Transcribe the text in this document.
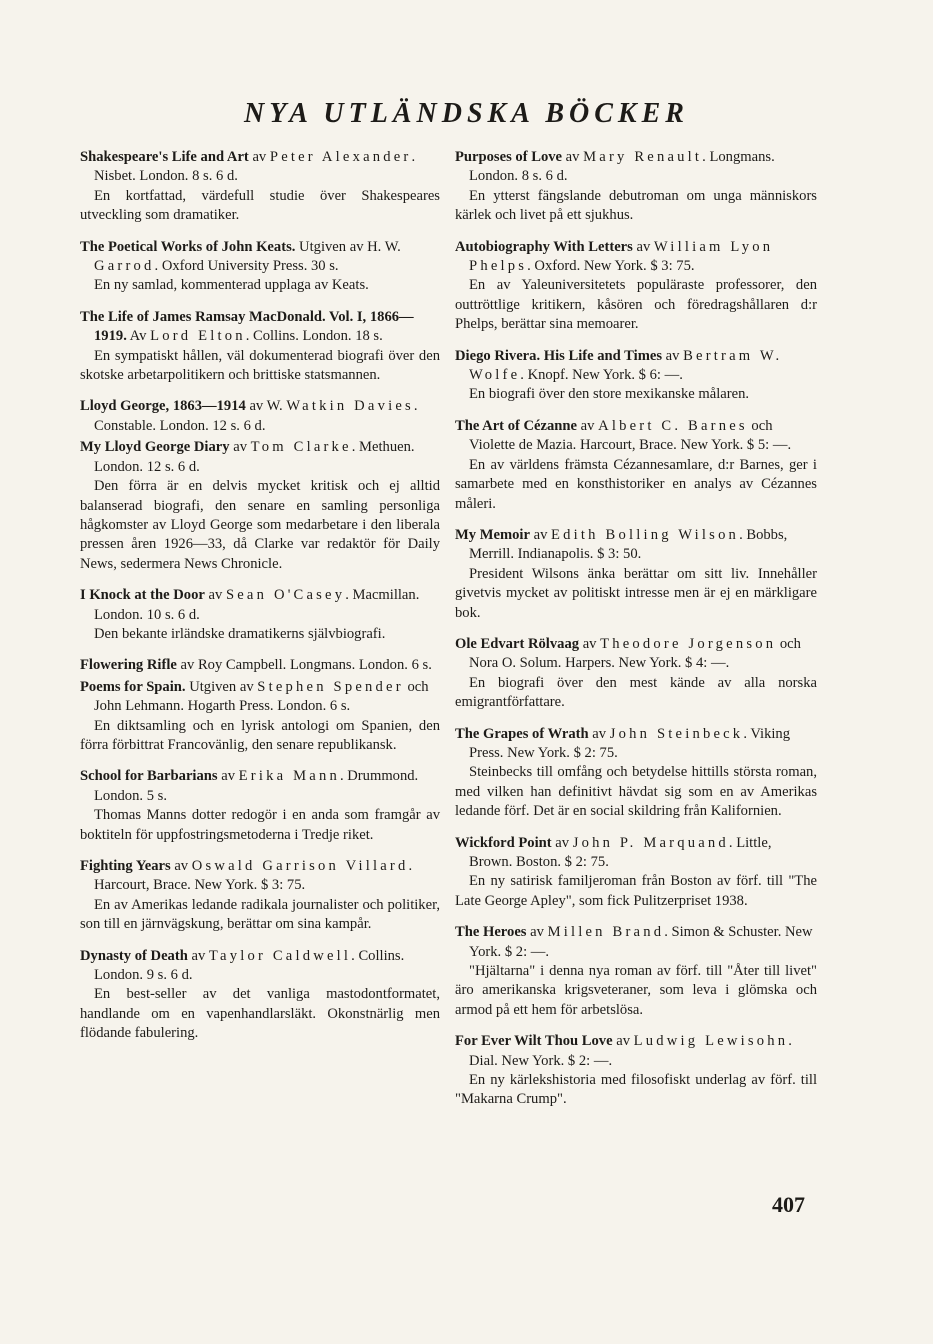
NYA UTLÄNDSKA BÖCKER

Shakespeare's Life and Art av Peter Alexander. Nisbet. London. 8 s. 6 d.

En kortfattad, värdefull studie över Shakespeares utveckling som dramatiker.

The Poetical Works of John Keats. Utgiven av H. W. Garrod. Oxford University Press. 30 s.

En ny samlad, kommenterad upplaga av Keats.

The Life of James Ramsay MacDonald. Vol. I, 1866—1919. Av Lord Elton. Collins. London. 18 s.

En sympatiskt hållen, väl dokumenterad biografi över den skotske arbetarpolitikern och brittiske statsmannen.

Lloyd George, 1863—1914 av W. Watkin Davies. Constable. London. 12 s. 6 d.

My Lloyd George Diary av Tom Clarke. Methuen. London. 12 s. 6 d.

Den förra är en delvis mycket kritisk och ej alltid balanserad biografi, den senare en samling personliga hågkomster av Lloyd George som medarbetare i den liberala pressen åren 1926—33, då Clarke var redaktör för Daily News, sedermera News Chronicle.

I Knock at the Door av Sean O'Casey. Macmillan. London. 10 s. 6 d.

Den bekante irländske dramatikerns självbiografi.

Flowering Rifle av Roy Campbell. Longmans. London. 6 s.

Poems for Spain. Utgiven av Stephen Spender och John Lehmann. Hogarth Press. London. 6 s.

En diktsamling och en lyrisk antologi om Spanien, den förra förbittrat Francovänlig, den senare republikansk.

School for Barbarians av Erika Mann. Drummond. London. 5 s.

Thomas Manns dotter redogör i en anda som framgår av boktiteln för uppfostringsmetoderna i Tredje riket.

Fighting Years av Oswald Garrison Villard. Harcourt, Brace. New York. $ 3: 75.

En av Amerikas ledande radikala journalister och politiker, son till en järnvägskung, berättar om sina kampår.

Dynasty of Death av Taylor Caldwell. Collins. London. 9 s. 6 d.

En best-seller av det vanliga mastodontformatet, handlande om en vapenhandlarsläkt. Okonstnärlig men flödande fabulering.

Purposes of Love av Mary Renault. Longmans. London. 8 s. 6 d.

En ytterst fängslande debutroman om unga människors kärlek och livet på ett sjukhus.

Autobiography With Letters av William Lyon Phelps. Oxford. New York. $ 3: 75.

En av Yaleuniversitetets populäraste professorer, den outtröttlige kritikern, kåsören och föredragshållaren d:r Phelps, berättar sina memoarer.

Diego Rivera. His Life and Times av Bertram W. Wolfe. Knopf. New York. $ 6: —.

En biografi över den store mexikanske målaren.

The Art of Cézanne av Albert C. Barnes och Violette de Mazia. Harcourt, Brace. New York. $ 5: —.

En av världens främsta Cézannesamlare, d:r Barnes, ger i samarbete med en konsthistoriker en analys av Cézannes måleri.

My Memoir av Edith Bolling Wilson. Bobbs, Merrill. Indianapolis. $ 3: 50.

President Wilsons änka berättar om sitt liv. Innehåller givetvis mycket av politiskt intresse men är ej en märkligare bok.

Ole Edvart Rölvaag av Theodore Jorgenson och Nora O. Solum. Harpers. New York. $ 4: —.

En biografi över den mest kände av alla norska emigrantförfattare.

The Grapes of Wrath av John Steinbeck. Viking Press. New York. $ 2: 75.

Steinbecks till omfång och betydelse hittills största roman, med vilken han definitivt hävdat sig som en av Amerikas ledande förf. Det är en social skildring från Kalifornien.

Wickford Point av John P. Marquand. Little, Brown. Boston. $ 2: 75.

En ny satirisk familjeroman från Boston av förf. till "The Late George Apley", som fick Pulitzerpriset 1938.

The Heroes av Millen Brand. Simon & Schuster. New York. $ 2: —.

"Hjältarna" i denna nya roman av förf. till "Åter till livet" äro amerikanska krigsveteraner, som leva i glömska och armod på ett hem för arbetslösa.

For Ever Wilt Thou Love av Ludwig Lewisohn. Dial. New York. $ 2: —.

En ny kärlekshistoria med filosofiskt underlag av förf. till "Makarna Crump".

407
